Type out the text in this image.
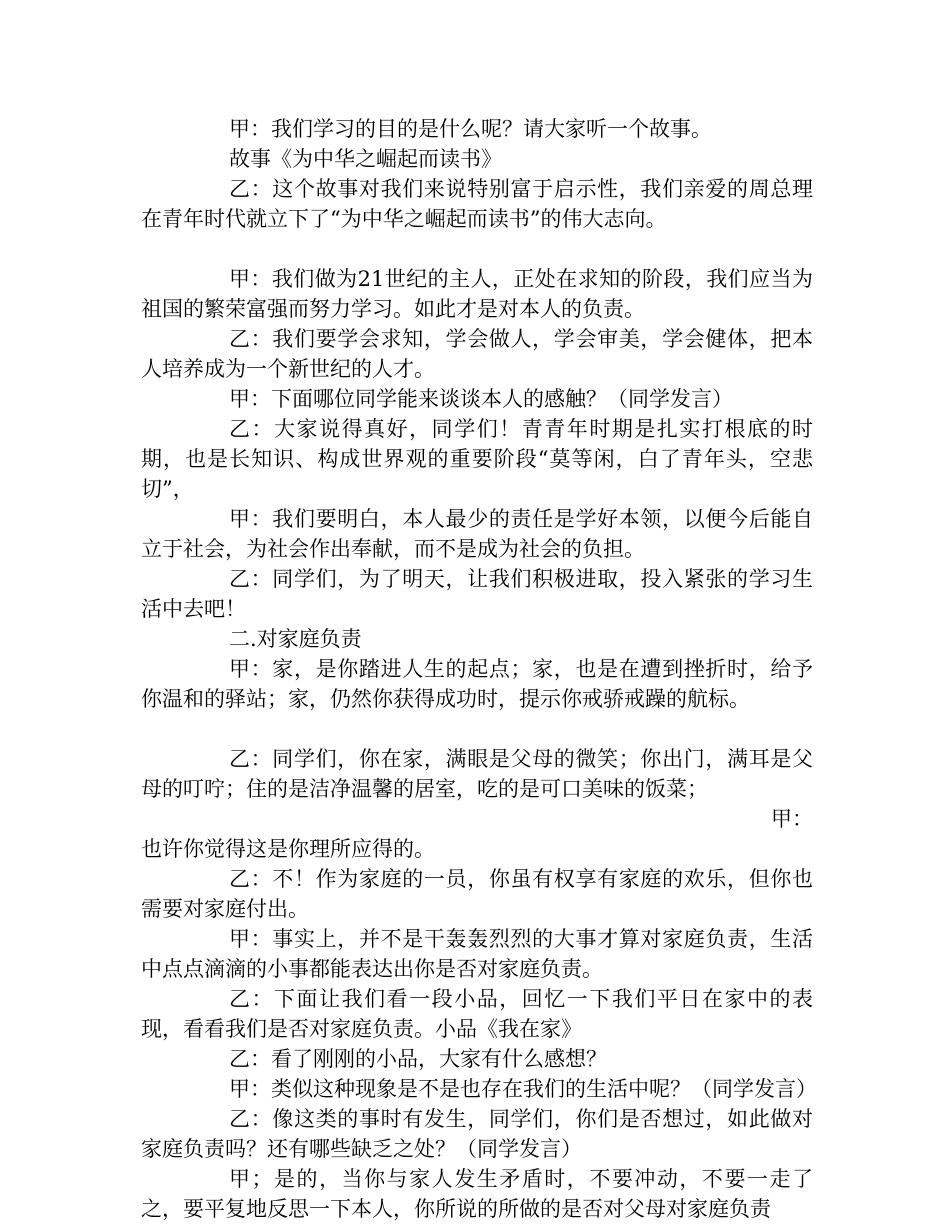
甲：我们学习的目的是什么呢？请大家听一个故事。

故事《为中华之崛起而读书》

乙：这个故事对我们来说特别富于启示性，我们亲爱的周总理在青年时代就立下了“为中华之崛起而读书”的伟大志向。

甲：我们做为21世纪的主人，正处在求知的阶段，我们应当为祖国的繁荣富强而努力学习。如此才是对本人的负责。

乙：我们要学会求知，学会做人，学会审美，学会健体，把本人培养成为一个新世纪的人才。

甲：下面哪位同学能来谈谈本人的感触？（同学发言）

乙：大家说得真好，同学们！青青年时期是扎实打根底的时期，也是长知识、构成世界观的重要阶段“莫等闲，白了青年头，空悲切”，

甲：我们要明白，本人最少的责任是学好本领，以便今后能自立于社会，为社会作出奉献，而不是成为社会的负担。

乙：同学们，为了明天，让我们积极进取，投入紧张的学习生活中去吧！

二.对家庭负责

甲：家，是你踏进人生的起点；家，也是在遭到挫折时，给予你温和的驿站；家，仍然你获得成功时，提示你戒骄戒躁的航标。

乙：同学们，你在家，满眼是父母的微笑；你出门，满耳是父母的叮咛；住的是洁净温馨的居室，吃的是可口美味的饭菜；

甲：

也许你觉得这是你理所应得的。

乙：不！作为家庭的一员，你虽有权享有家庭的欢乐，但你也需要对家庭付出。

甲：事实上，并不是干轰轰烈烈的大事才算对家庭负责，生活中点点滴滴的小事都能表达出你是否对家庭负责。

乙：下面让我们看一段小品，回忆一下我们平日在家中的表现，看看我们是否对家庭负责。小品《我在家》

乙：看了刚刚的小品，大家有什么感想？

甲：类似这种现象是不是也存在我们的生活中呢？（同学发言）

乙：像这类的事时有发生，同学们，你们是否想过，如此做对家庭负责吗？还有哪些缺乏之处？（同学发言）

甲；是的，当你与家人发生矛盾时，不要冲动，不要一走了之，要平复地反思一下本人，你所说的所做的是否对父母对家庭负责
